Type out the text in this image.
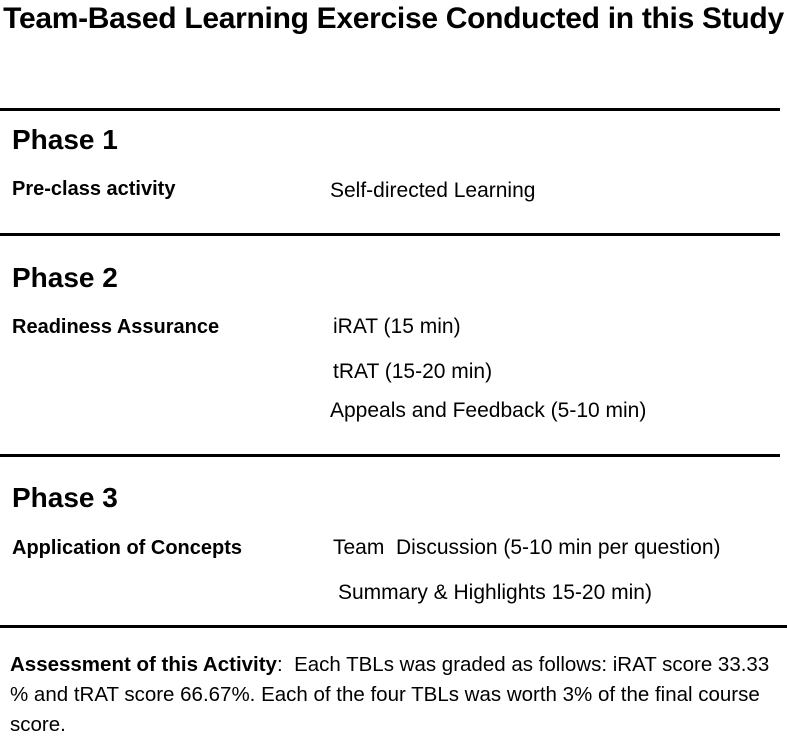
Team-Based Learning Exercise Conducted in this Study
Phase 1
Pre-class activity	Self-directed Learning
Phase 2
Readiness Assurance	iRAT (15 min)
tRAT (15-20 min)
Appeals and Feedback (5-10 min)
Phase 3
Application of Concepts	Team  Discussion (5-10 min per question)
Summary & Highlights 15-20 min)
Assessment of this Activity:  Each TBLs was graded as follows: iRAT score 33.33 % and tRAT score 66.67%. Each of the four TBLs was worth 3% of the final course score.
